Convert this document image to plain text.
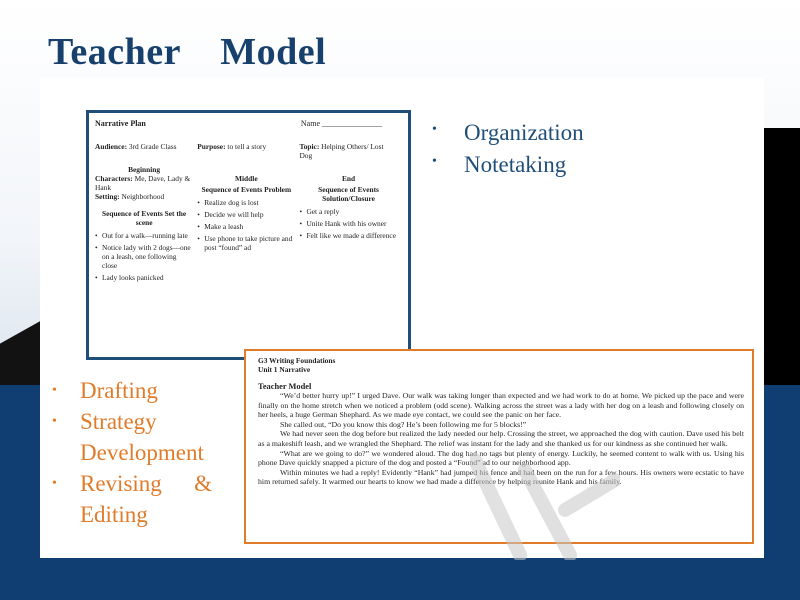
Teacher    Model
Narrative Plan	Name _______________
Audience: 3rd Grade Class
Beginning
Characters: Me, Dave, Lady & Hank
Setting: Neighborhood
Sequence of Events Set the scene
• Out for a walk—running late
• Notice lady with 2 dogs—one on a leash, one following close
• Lady looks panicked
Purpose: to tell a story
Middle
Sequence of Events Problem
• Realize dog is lost
• Decide we will help
• Make a leash
• Use phone to take picture and post “found” ad
Topic: Helping Others/ Lost Dog
End
Sequence of Events Solution/Closure
• Get a reply
• Unite Hank with his owner
• Felt like we made a difference
• Organization
• Notetaking
• Drafting
• Strategy
Development
• Revising &
Editing
G3 Writing Foundations
Unit 1 Narrative
Teacher Model

“We’d better hurry up!” I urged Dave. Our walk was taking longer than expected and we had work to do at home. We picked up the pace and were finally on the home stretch when we noticed a problem (odd scene). Walking across the street was a lady with her dog on a leash and following closely on her heels, a huge German Shephard. As we made eye contact, we could see the panic on her face.

She called out, “Do you know this dog? He’s been following me for 5 blocks!”

We had never seen the dog before but realized the lady needed our help. Crossing the street, we approached the dog with caution. Dave used his belt as a makeshift leash, and we wrangled the Shephard. The relief was instant for the lady and she thanked us for our kindness as she continued her walk.

“What are we going to do?” we wondered aloud. The dog had no tags but plenty of energy. Luckily, he seemed content to walk with us. Using his phone Dave quickly snapped a picture of the dog and posted a “Found” ad to our neighborhood app.

Within minutes we had a reply! Evidently “Hank” had jumped his fence and had been on the run for a few hours. His owners were ecstatic to have him returned safely. It warmed our hearts to know we had made a difference by helping reunite Hank and his family.
